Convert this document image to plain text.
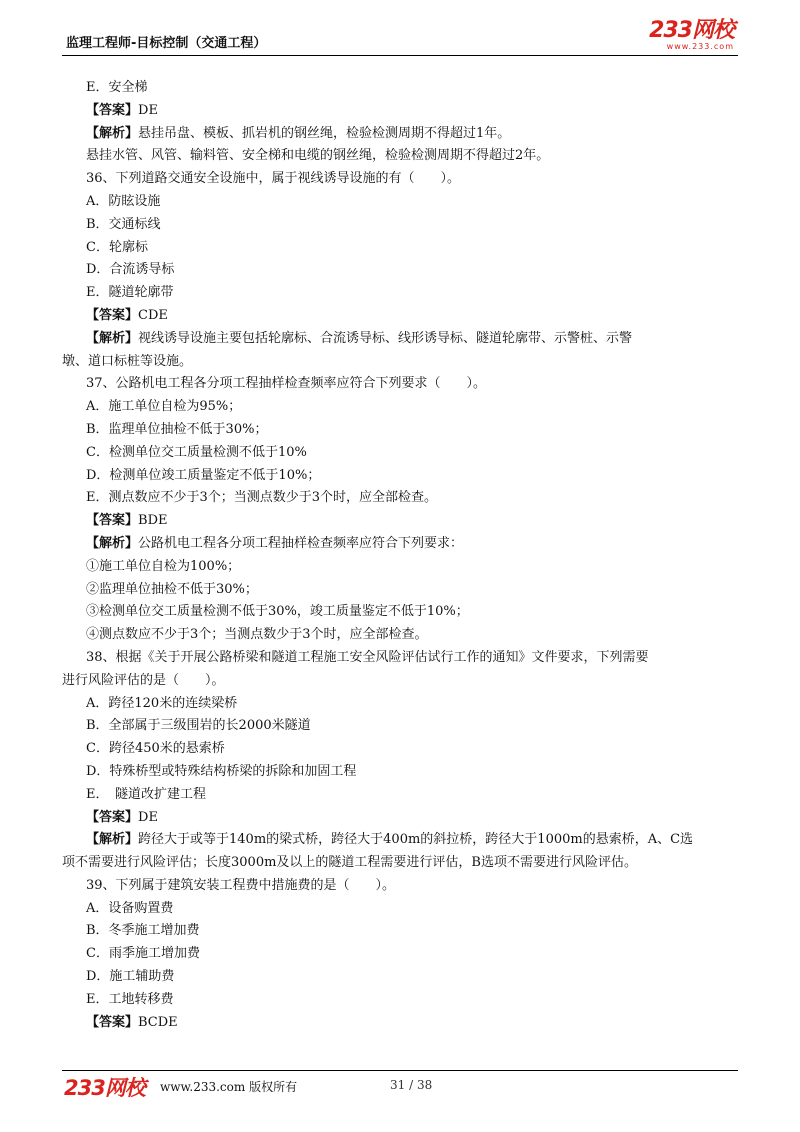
监理工程师-目标控制（交通工程）
233网校
www.233.com
E．安全梯
【答案】DE
【解析】悬挂吊盘、模板、抓岩机的钢丝绳，检验检测周期不得超过1年。
悬挂水管、风管、输料管、安全梯和电缆的钢丝绳，检验检测周期不得超过2年。
36、下列道路交通安全设施中，属于视线诱导设施的有（　　）。
A．防眩设施
B．交通标线
C．轮廓标
D．合流诱导标
E．隧道轮廓带
【答案】CDE
【解析】视线诱导设施主要包括轮廓标、合流诱导标、线形诱导标、隧道轮廓带、示警桩、示警
墩、道口标桩等设施。
37、公路机电工程各分项工程抽样检查频率应符合下列要求（　　）。
A．施工单位自检为95%；
B．监理单位抽检不低于30%；
C．检测单位交工质量检测不低于10%
D．检测单位竣工质量鉴定不低于10%；
E．测点数应不少于3个；当测点数少于3个时，应全部检查。
【答案】BDE
【解析】公路机电工程各分项工程抽样检查频率应符合下列要求：
①施工单位自检为100%；
②监理单位抽检不低于30%；
③检测单位交工质量检测不低于30%，竣工质量鉴定不低于10%；
④测点数应不少于3个；当测点数少于3个时，应全部检查。
38、根据《关于开展公路桥梁和隧道工程施工安全风险评估试行工作的通知》文件要求，下列需要
进行风险评估的是（　　）。
A．跨径120米的连续梁桥
B．全部属于三级围岩的长2000米隧道
C．跨径450米的悬索桥
D．特殊桥型或特殊结构桥梁的拆除和加固工程
E．　隧道改扩建工程
【答案】DE
【解析】跨径大于或等于140m的梁式桥，跨径大于400m的斜拉桥，跨径大于1000m的悬索桥，A、C选
项不需要进行风险评估；长度3000m及以上的隧道工程需要进行评估，B选项不需要进行风险评估。
39、下列属于建筑安装工程费中措施费的是（　　）。
A．设备购置费
B．冬季施工增加费
C．雨季施工增加费
D．施工辅助费
E．工地转移费
【答案】BCDE
233网校 www.233.com 版权所有	31 / 38
